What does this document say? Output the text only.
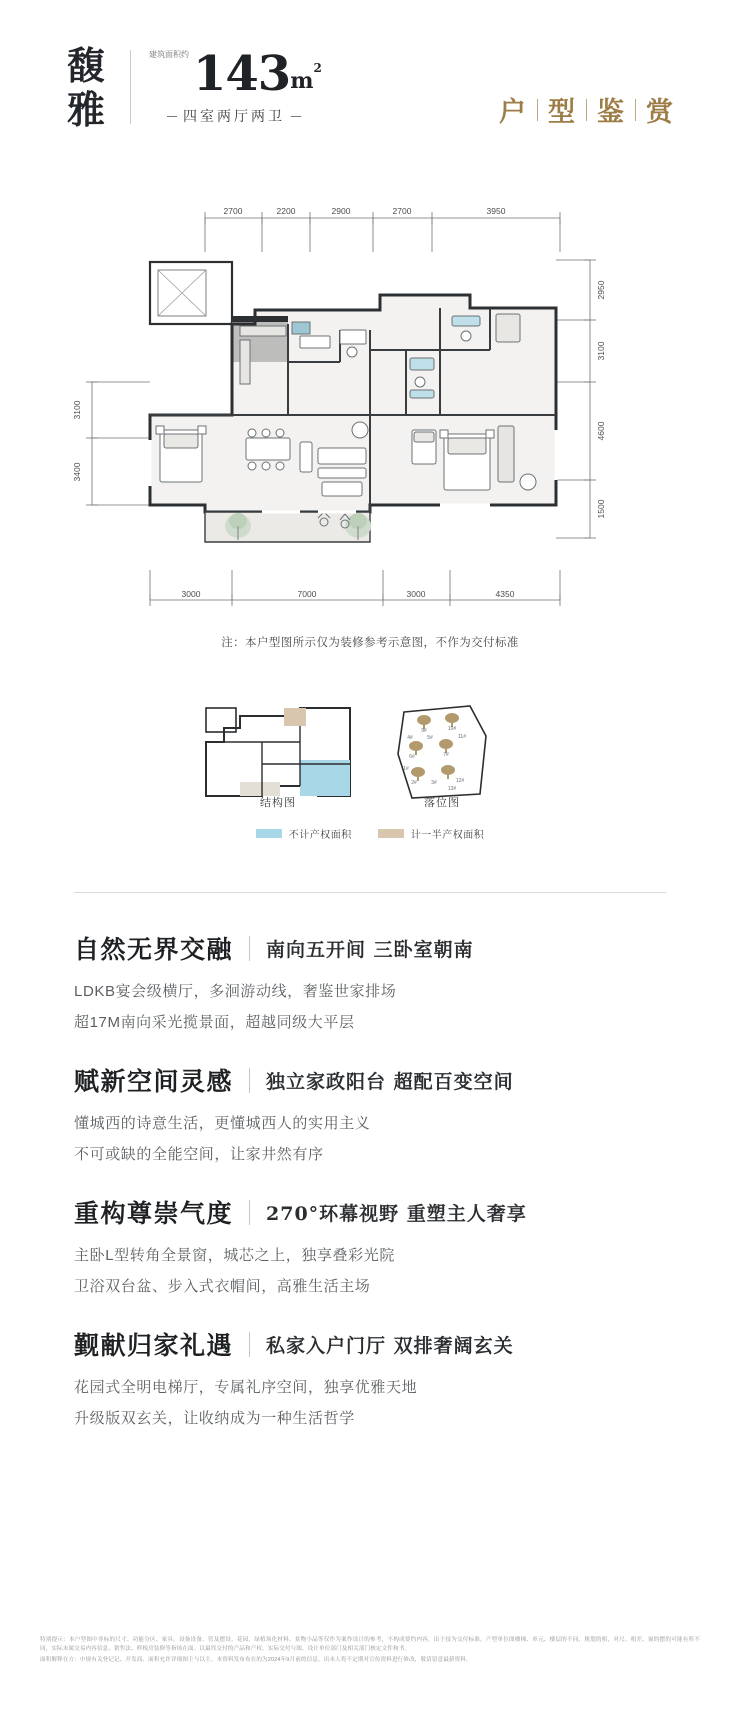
馥
雅
建筑面积约 143 m 2
四室两厅两卫	户 型 鉴 赏
2700	2200	2900	2700	3950
2950
3100
4600
1500
3100
3400
3000	7000	3000	4350
注：本户型图所示仅为装修参考示意图，不作为交付标准
9#	10#
4#	5#	11#
6#	7#
2#	3#	12#
1#
13#
结构图	落位图
不计产权面积	计一半产权面积
自然无界交融 南向五开间 三卧室朝南
LDKB宴会级横厅，多洄游动线，奢鉴世家排场
超17M南向采光揽景面，超越同级大平层
赋新空间灵感 独立家政阳台 超配百变空间
懂城西的诗意生活，更懂城西人的实用主义
不可或缺的全能空间，让家井然有序
重构尊崇气度 270°环幕视野 重塑主人奢享
主卧L型转角全景窗，城芯之上，独享叠彩光院
卫浴双台盆、步入式衣帽间，高雅生活主场
觐献归家礼遇 私家入户门厅 双排奢阔玄关
花园式全明电梯厅，专属礼序空间，独享优雅天地
升级版双玄关，让收纳成为一种生活哲学

特别提示：本户型图中非标的尺寸、功能分区、家具、设备设备、管及摆设、花园、绿植场化材料、景物小品等仅作为案作设计的参考，不构成要约内容，出于技为交付标准。产型单位图楼梯、单元、楼层的不同、规划的相，对尺、相差、窗的摆的可能有所不同，实际未属交易内容信息、销售法、样板房装修等指场在面、以最终交付的产品和产权、实际交付与图、设计单位部门及相关部门核定文件和书。

面积解释在方：中规有关登记记、开发商、面积允许详细图主与以主。本资料发布布在的为2024年9月前的信息，出未人将不定期对宣传资料进行修改，敬请留意最新资料。
